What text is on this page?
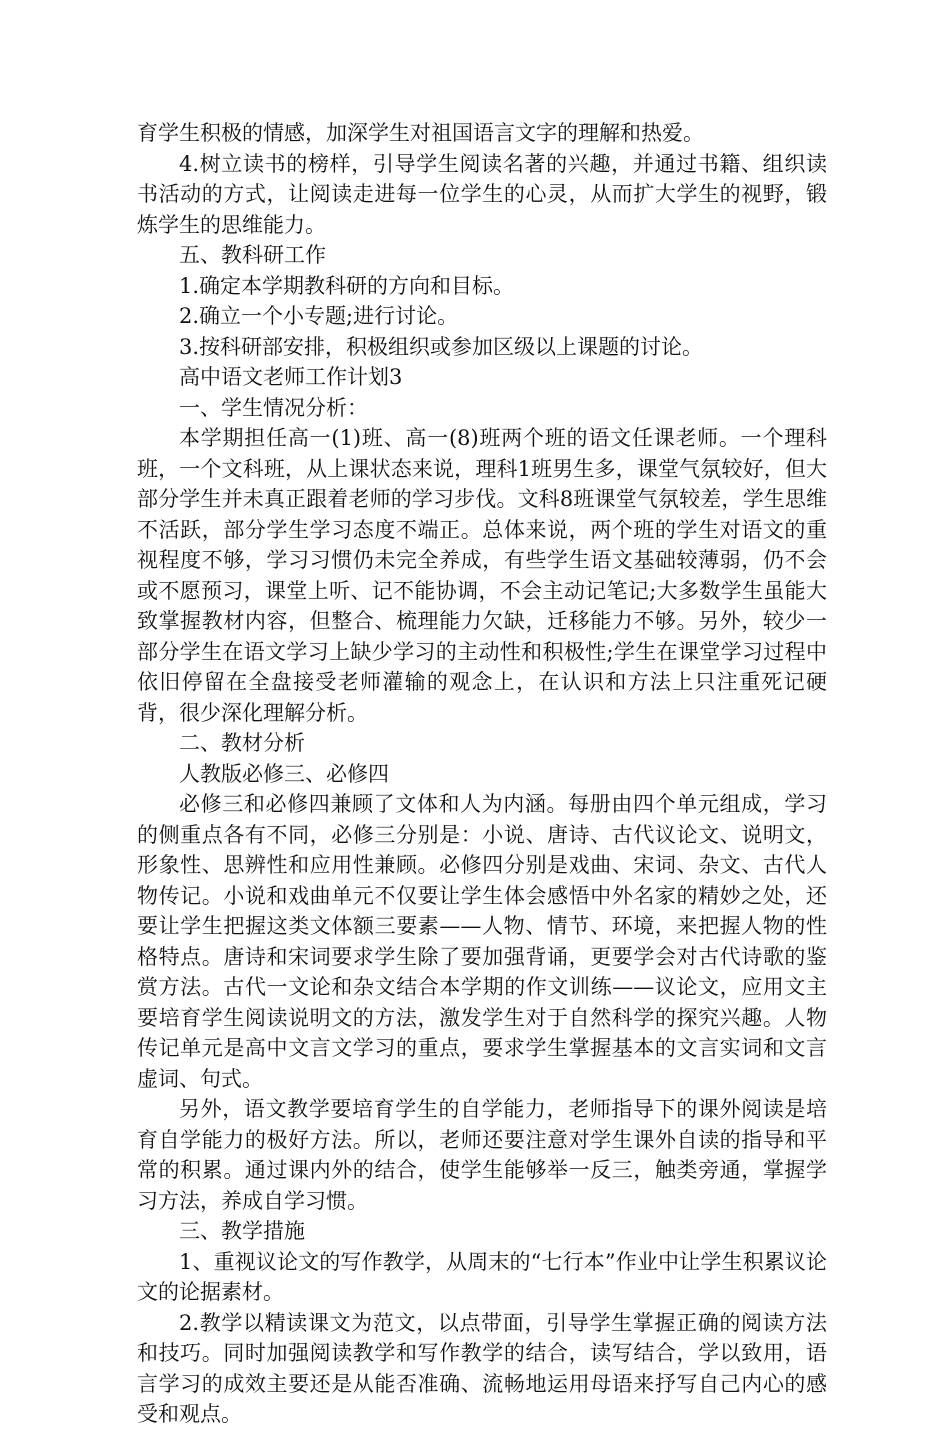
育学生积极的情感，加深学生对祖国语言文字的理解和热爱。

4.树立读书的榜样，引导学生阅读名著的兴趣，并通过书籍、组织读书活动的方式，让阅读走进每一位学生的心灵，从而扩大学生的视野，锻炼学生的思维能力。

五、教科研工作

1.确定本学期教科研的方向和目标。

2.确立一个小专题;进行讨论。

3.按科研部安排，积极组织或参加区级以上课题的讨论。

高中语文老师工作计划3

一、学生情况分析：

本学期担任高一(1)班、高一(8)班两个班的语文任课老师。一个理科班，一个文科班，从上课状态来说，理科1班男生多，课堂气氛较好，但大部分学生并未真正跟着老师的学习步伐。文科8班课堂气氛较差，学生思维不活跃，部分学生学习态度不端正。总体来说，两个班的学生对语文的重视程度不够，学习习惯仍未完全养成，有些学生语文基础较薄弱，仍不会或不愿预习，课堂上听、记不能协调，不会主动记笔记;大多数学生虽能大致掌握教材内容，但整合、梳理能力欠缺，迁移能力不够。另外，较少一部分学生在语文学习上缺少学习的主动性和积极性;学生在课堂学习过程中依旧停留在全盘接受老师灌输的观念上，在认识和方法上只注重死记硬背，很少深化理解分析。

二、教材分析

人教版必修三、必修四

必修三和必修四兼顾了文体和人为内涵。每册由四个单元组成，学习的侧重点各有不同，必修三分别是：小说、唐诗、古代议论文、说明文，形象性、思辨性和应用性兼顾。必修四分别是戏曲、宋词、杂文、古代人物传记。小说和戏曲单元不仅要让学生体会感悟中外名家的精妙之处，还要让学生把握这类文体额三要素——人物、情节、环境，来把握人物的性格特点。唐诗和宋词要求学生除了要加强背诵，更要学会对古代诗歌的鉴赏方法。古代一文论和杂文结合本学期的作文训练——议论文，应用文主要培育学生阅读说明文的方法，激发学生对于自然科学的探究兴趣。人物传记单元是高中文言文学习的重点，要求学生掌握基本的文言实词和文言虚词、句式。

另外，语文教学要培育学生的自学能力，老师指导下的课外阅读是培育自学能力的极好方法。所以，老师还要注意对学生课外自读的指导和平常的积累。通过课内外的结合，使学生能够举一反三，触类旁通，掌握学习方法，养成自学习惯。

三、教学措施

1、重视议论文的写作教学，从周末的“七行本”作业中让学生积累议论文的论据素材。

2.教学以精读课文为范文，以点带面，引导学生掌握正确的阅读方法和技巧。同时加强阅读教学和写作教学的结合，读写结合，学以致用，语言学习的成效主要还是从能否准确、流畅地运用母语来抒写自己内心的感受和观点。
